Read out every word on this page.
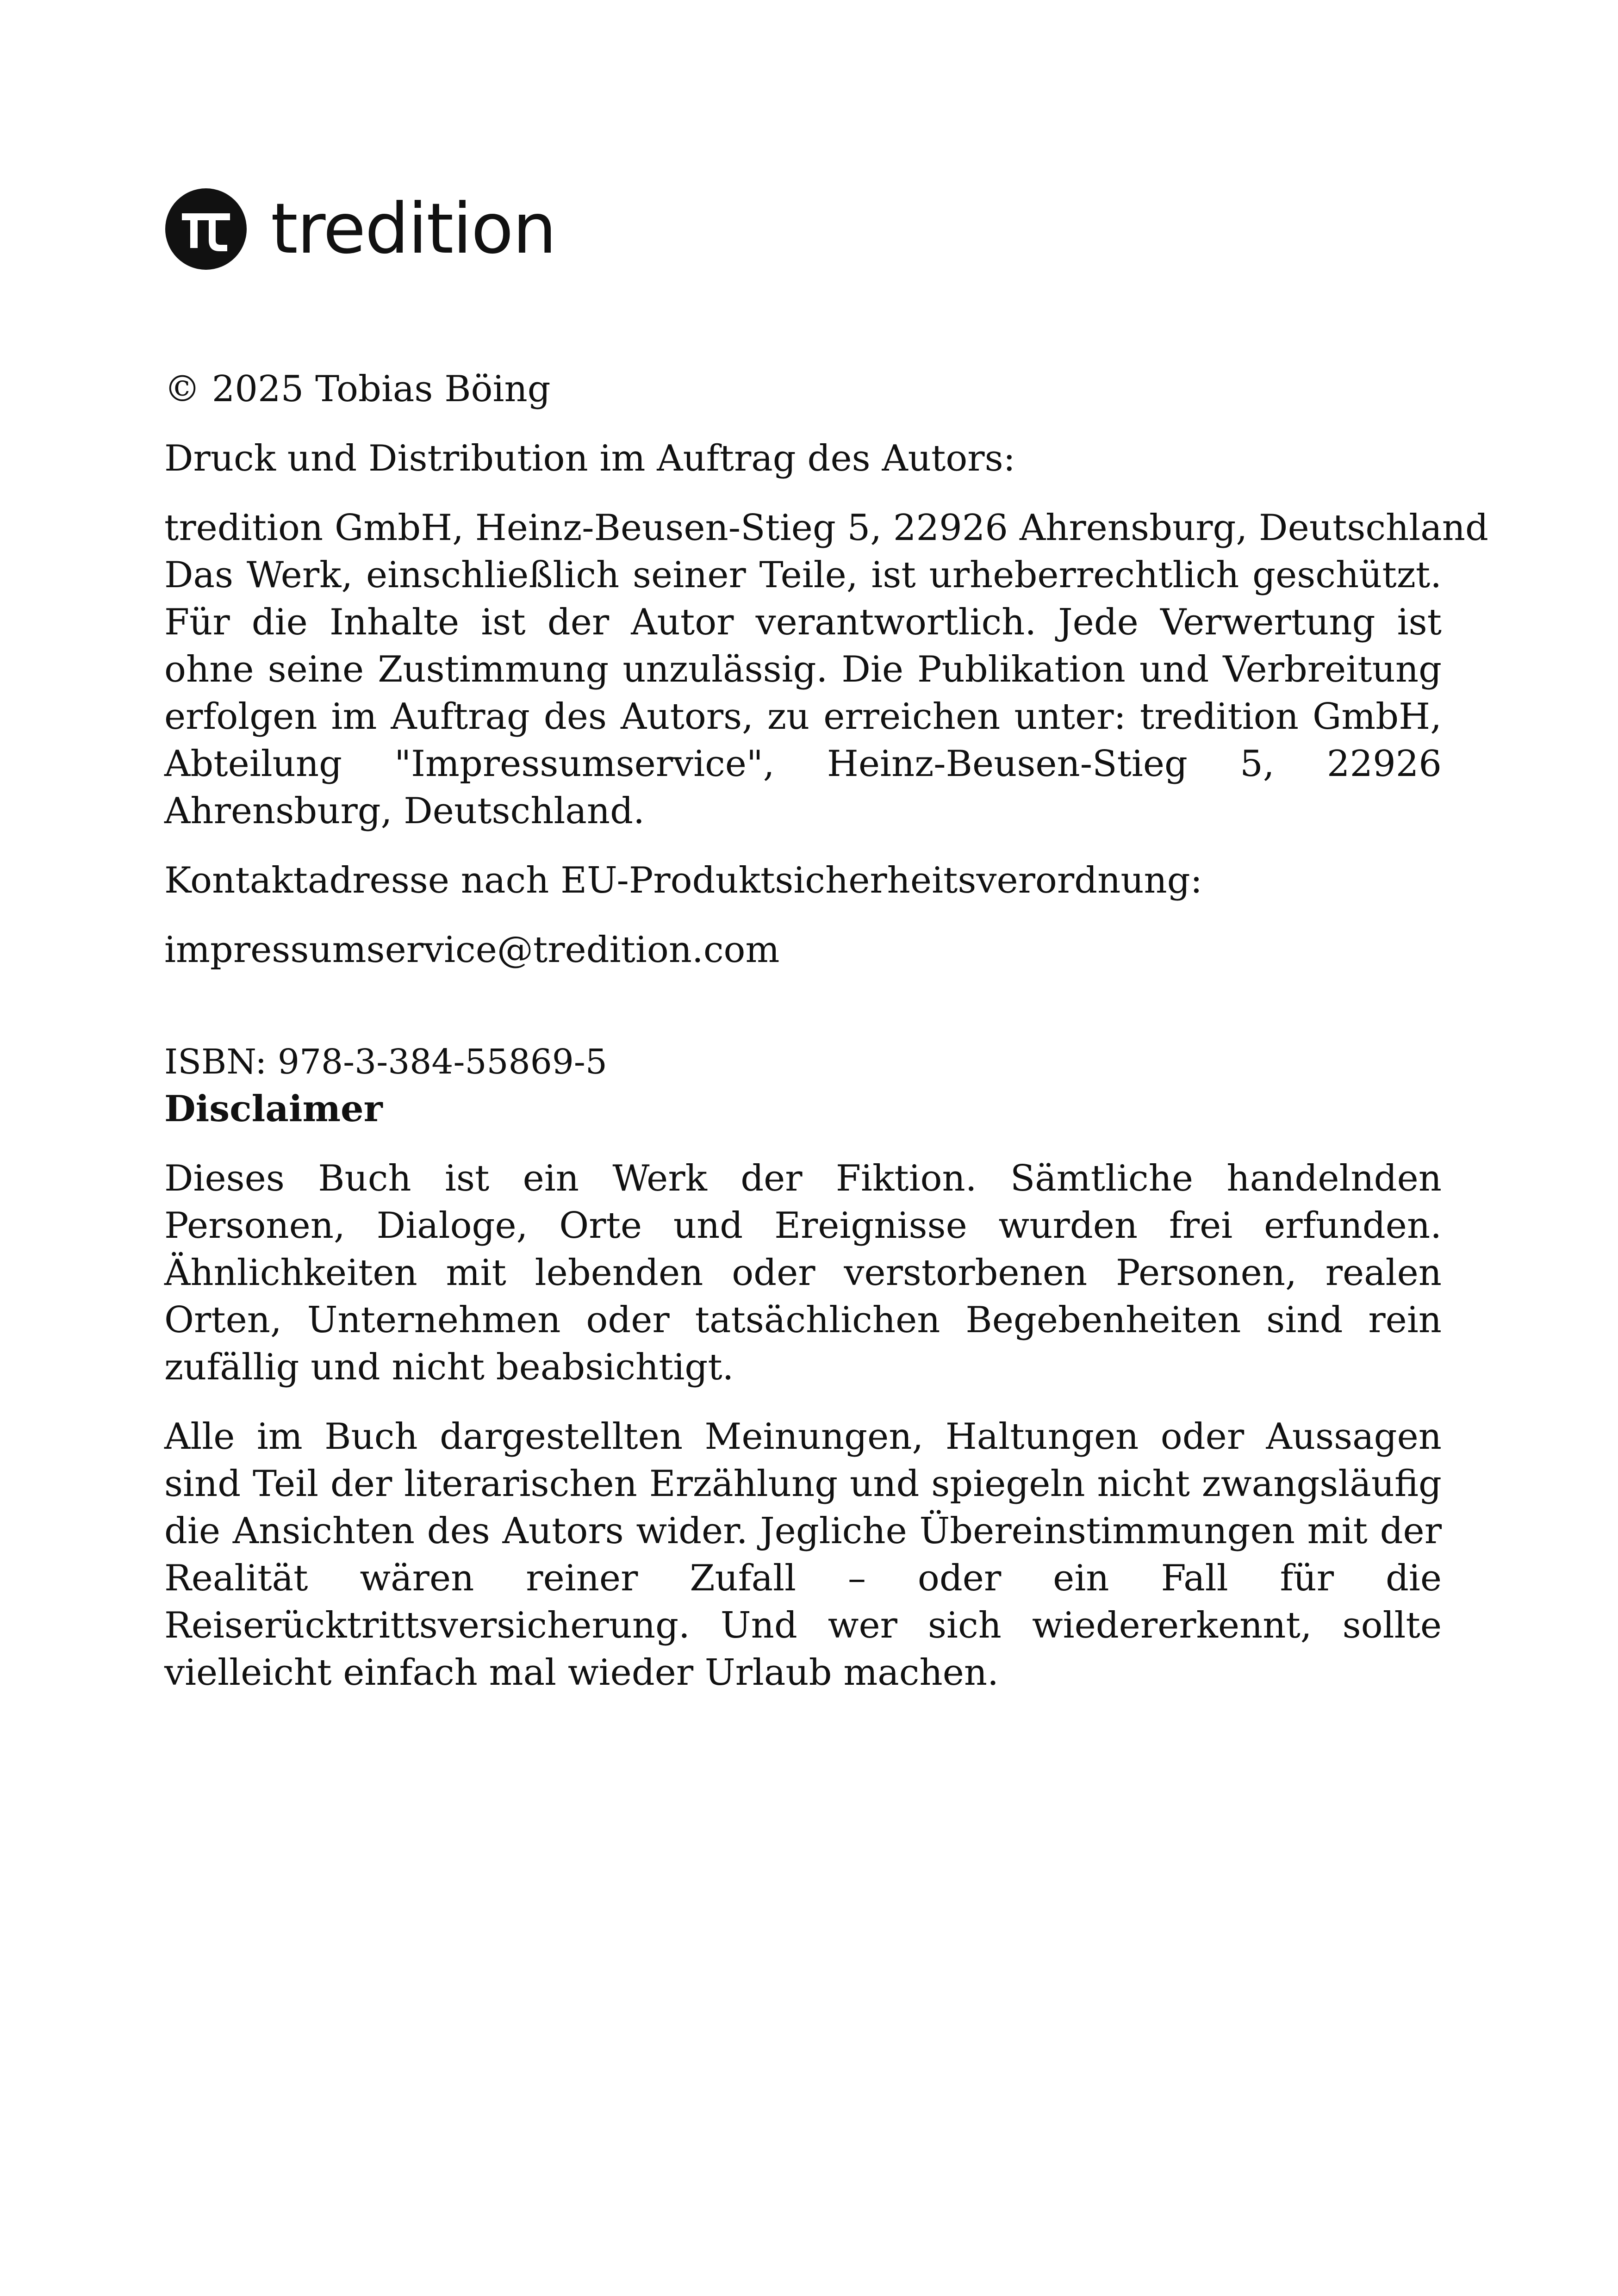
tredition

© 2025 Tobias Böing

Druck und Distribution im Auftrag des Autors:

tredition GmbH, Heinz-Beusen-Stieg 5, 22926 Ahrensburg, Deutschland

Das Werk, einschließlich seiner Teile, ist urheberrechtlich geschützt. Für die Inhalte ist der Autor verantwortlich. Jede Verwertung ist ohne seine Zustimmung unzulässig. Die Publikation und Verbreitung erfolgen im Auftrag des Autors, zu erreichen unter: tredition GmbH, Abteilung "Impressumservice", Heinz-Beusen-Stieg 5, 22926 Ahrensburg, Deutschland.

Kontaktadresse nach EU-Produktsicherheitsverordnung:

impressumservice@tredition.com

ISBN: 978-3-384-55869-5

Disclaimer

Dieses Buch ist ein Werk der Fiktion. Sämtliche handelnden Personen, Dialoge, Orte und Ereignisse wurden frei erfunden. Ähnlichkeiten mit lebenden oder verstorbenen Personen, realen Orten, Unternehmen oder tatsächlichen Begebenheiten sind rein zufällig und nicht beabsichtigt.

Alle im Buch dargestellten Meinungen, Haltungen oder Aussagen sind Teil der literarischen Erzählung und spiegeln nicht zwangsläufig die Ansichten des Autors wider. Jegliche Übereinstimmungen mit der Realität wären reiner Zufall – oder ein Fall für die Reiserücktrittsversicherung. Und wer sich wiedererkennt, sollte vielleicht einfach mal wieder Urlaub machen.
